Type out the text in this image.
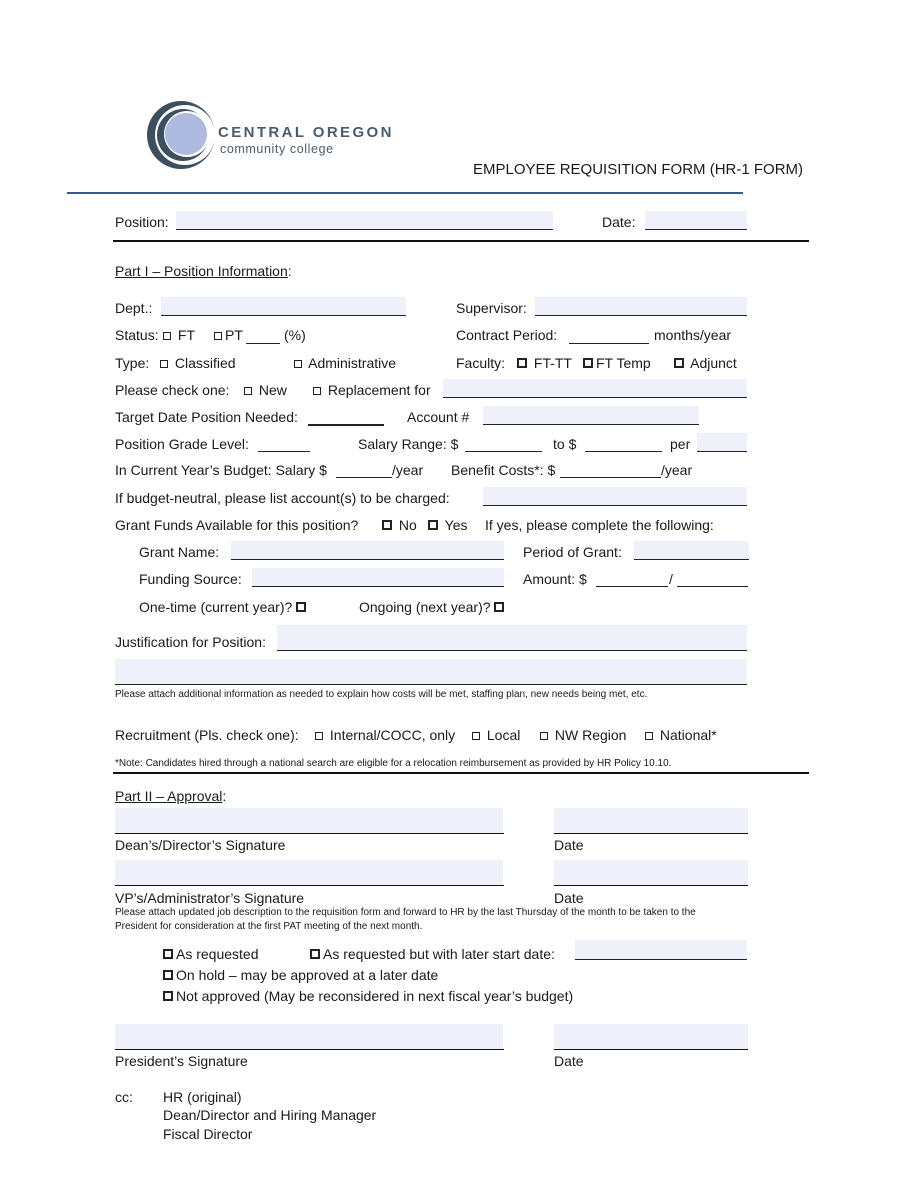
CENTRAL OREGON
community college
EMPLOYEE REQUISITION FORM (HR-1 FORM)
Position:	Date:
Part I – Position Information:
Dept.:	Supervisor:
Status:	FT	PT	(%)	Contract Period:	months/year
Type:	Classified	Administrative	Faculty:	FT-TT	FT Temp	Adjunct
Please check one:	New	Replacement for
Target Date Position Needed:	Account #
Position Grade Level:	Salary Range: $	to $	per
In Current Year’s Budget: Salary $	/year Benefit Costs*: $	/year
If budget-neutral, please list account(s) to be charged:
Grant Funds Available for this position?	No	Yes If yes, please complete the following:
Grant Name:	Period of Grant:
Funding Source:	Amount: $	/
One-time (current year)?	Ongoing (next year)?
Justification for Position:
Please attach additional information as needed to explain how costs will be met, staffing plan, new needs being met, etc.
Recruitment (Pls. check one):	Internal/COCC, only	Local	NW Region	National*
*Note: Candidates hired through a national search are eligible for a relocation reimbursement as provided by HR Policy 10.10.
Part II – Approval:
Dean’s/Director’s Signature	Date
VP’s/Administrator’s Signature	Date
Please attach updated job description to the requisition form and forward to HR by the last Thursday of the month to be taken to the
President for consideration at the first PAT meeting of the next month.
As requested	As requested but with later start date:
On hold – may be approved at a later date
Not approved (May be reconsidered in next fiscal year’s budget)
President’s Signature	Date
cc: HR (original)
Dean/Director and Hiring Manager
Fiscal Director
